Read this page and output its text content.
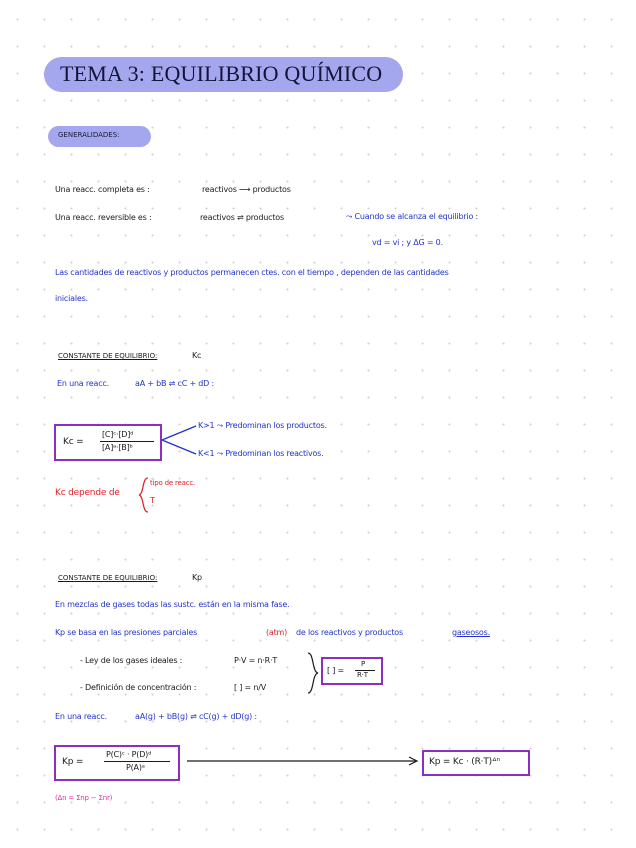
TEMA 3: EQUILIBRIO QUÍMICO
GENERALIDADES:
Una reacc. completa es :	reactivos ⟶ productos
Una reacc. reversible es :	reactivos ⇌ productos	⤳ Cuando se alcanza el equilibrio :
vd = vi ; y ΔG = 0.
Las cantidades de reactivos y productos permanecen ctes. con el tiempo , dependen de las cantidades
iniciales.
CONSTANTE DE EQUILIBRIO:	Kc
En una reacc.	aA + bB ⇌ cC + dD :
Kc =
[C]ᶜ·[D]ᵈ
[A]ᵃ·[B]ᵇ
K>1 ⤳ Predominan los productos.
K<1 ⤳ Predominan los reactivos.
Kc depende de
tipo de reacc.
T
CONSTANTE DE EQUILIBRIO:	Kp
En mezclas de gases todas las sustc. están en la misma fase.
Kp se basa en las presiones parciales	(atm) de los reactivos y productos	gaseosos.
- Ley de los gases ideales :	P·V = n·R·T
- Definición de concentración :	[ ] = n/V
[ ] =
P
R·T
En una reacc.	aA(g) + bB(g) ⇌ cC(g) + dD(g) :
Kp =
P(C)ᶜ · P(D)ᵈ
P(A)ᵃ
Kp = Kc · (R·T)ᐞⁿ
(Δn = Σnp − Σnr)
